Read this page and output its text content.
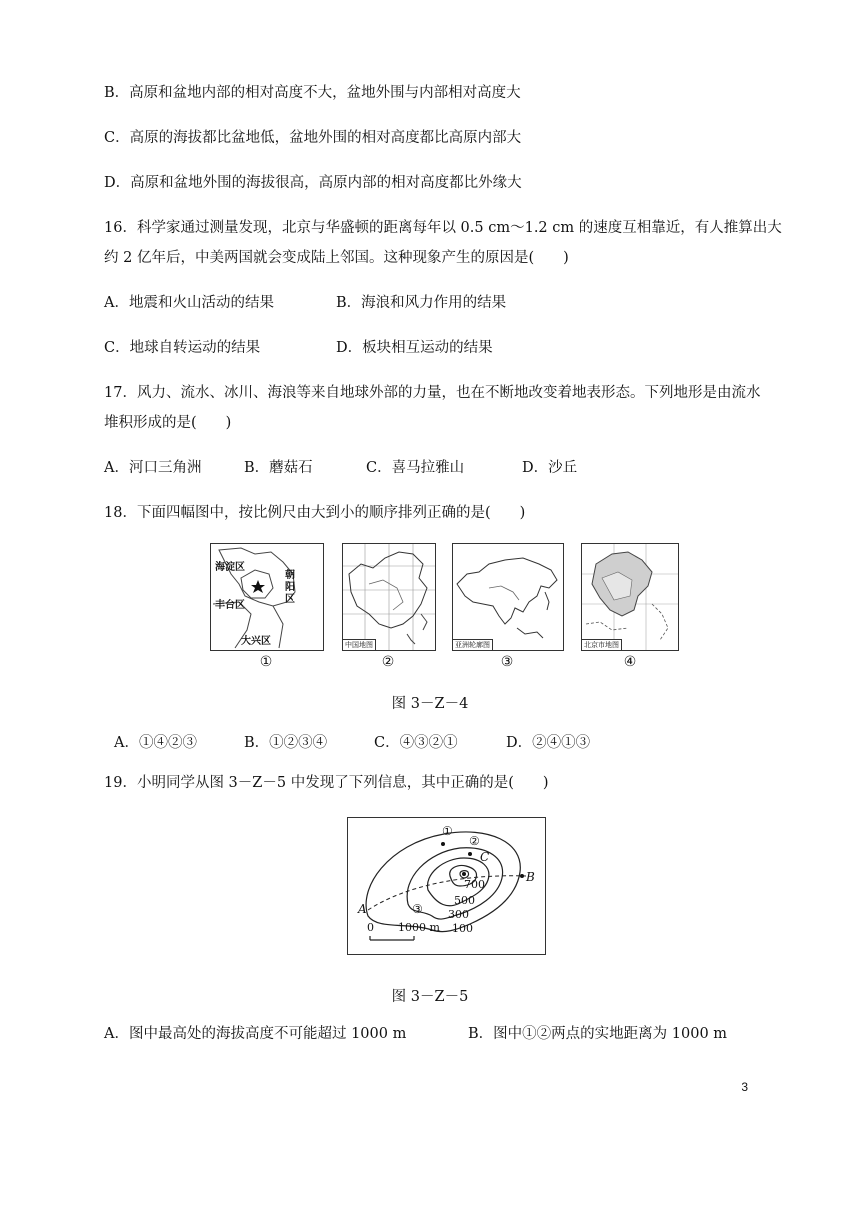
B．高原和盆地内部的相对高度不大，盆地外围与内部相对高度大
C．高原的海拔都比盆地低，盆地外围的相对高度都比高原内部大
D．高原和盆地外围的海拔很高，高原内部的相对高度都比外缘大
16．科学家通过测量发现，北京与华盛顿的距离每年以 0.5 cm～1.2 cm 的速度互相靠近，有人推算出大
约 2 亿年后，中美两国就会变成陆上邻国。这种现象产生的原因是(　　)
A．地震和火山活动的结果	B．海浪和风力作用的结果
C．地球自转运动的结果	D．板块相互运动的结果
17．风力、流水、冰川、海浪等来自地球外部的力量，也在不断地改变着地表形态。下列地形是由流水
堆积形成的是(　　)
A．河口三角洲	B．蘑菇石	C．喜马拉雅山	D．沙丘
18．下面四幅图中，按比例尺由大到小的顺序排列正确的是(　　)
海淀区
朝
阳
区
丰台区
大兴区
①
中国地图
②
亚洲轮廓图
③
北京市地图
④
图 3－Z－4
A．①④②③	B．①②③④	C．④③②①	D．②④①③
19．小明同学从图 3－Z－5 中发现了下列信息，其中正确的是(　　)
①
②
③
A
B
C
700
500
300
100
0 1000 m
图 3－Z－5
A．图中最高处的海拔高度不可能超过 1000 m	B．图中①②两点的实地距离为 1000 m
3
